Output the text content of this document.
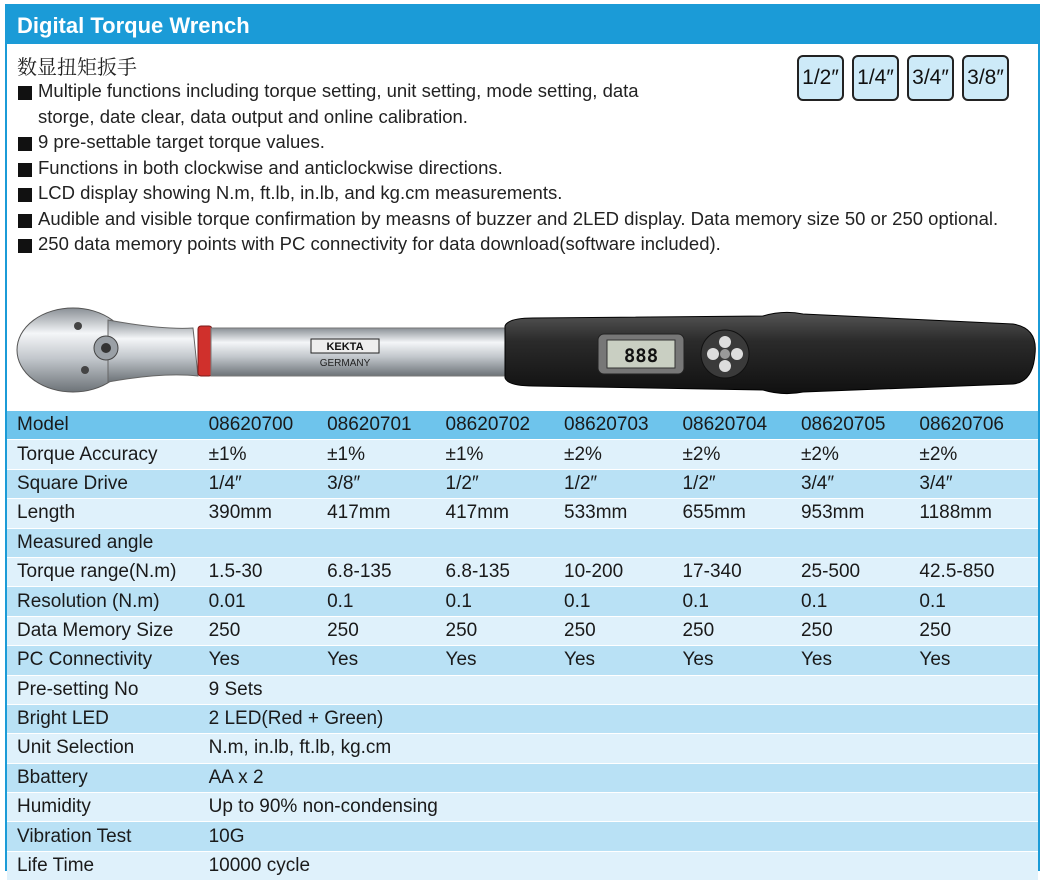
Digital Torque Wrench
数显扭矩扳手	1/2″ 1/4″ 3/4″ 3/8″
Multiple functions including torque setting, unit setting, mode setting, data storge, date clear, data output and online calibration.
9 pre-settable target torque values.
Functions in both clockwise and anticlockwise directions.
LCD display showing N.m, ft.lb, in.lb, and kg.cm measurements.
Audible and visible torque confirmation by measns of buzzer and 2LED display. Data memory size 50 or 250 optional.
250 data memory points with PC connectivity for data download(software included).
KEKTA
GERMANY	888
Model	08620700	08620701	08620702	08620703	08620704	08620705	08620706
Torque Accuracy	±1%	±1%	±1%	±2%	±2%	±2%	±2%
Square Drive	1/4″	3/8″	1/2″	1/2″	1/2″	3/4″	3/4″
Length	390mm	417mm	417mm	533mm	655mm	953mm	1188mm
Measured angle							
Torque range(N.m)	1.5-30	6.8-135	6.8-135	10-200	17-340	25-500	42.5-850
Resolution (N.m)	0.01	0.1	0.1	0.1	0.1	0.1	0.1
Data Memory Size	250	250	250	250	250	250	250
PC Connectivity	Yes	Yes	Yes	Yes	Yes	Yes	Yes
Pre-setting No	9 Sets						
Bright LED	2 LED(Red + Green)						
Unit Selection	N.m, in.lb, ft.lb, kg.cm						
Bbattery	AA x 2						
Humidity	Up to 90% non-condensing						
Vibration Test	10G						
Life Time	10000 cycle						
